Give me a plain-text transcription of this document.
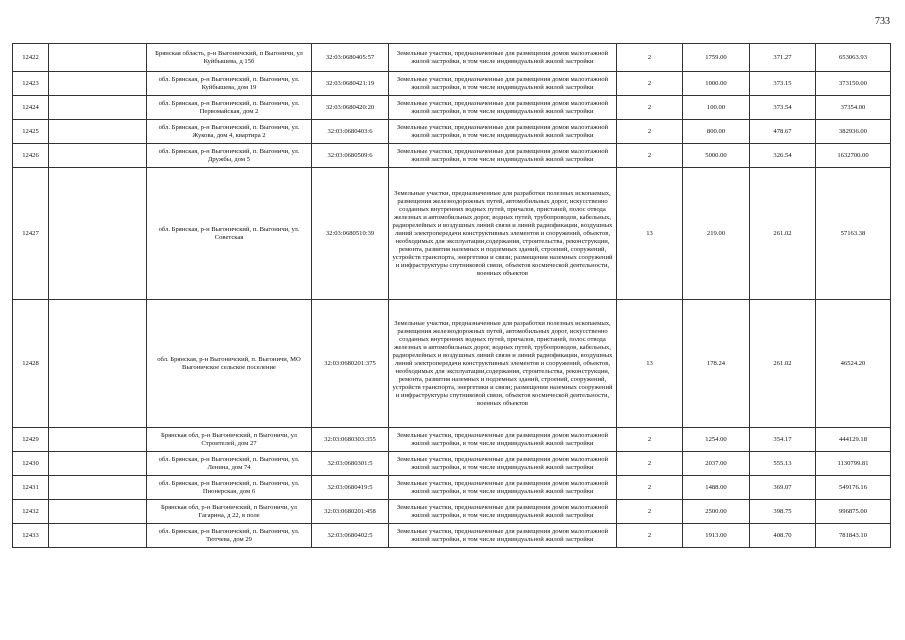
733
12422		Брянская область, р-н Выгоничский, п Выгоничи, ул Куйбышева, д 15б	32:03:0680405:57	Земельные участки, предназначенные для размещения домов малоэтажной жилой застройки, в том числе индивидуальной жилой застройки	2	1759.00	371.27	653063.93
12423		обл. Брянская, р-н Выгоничский, п. Выгоничи, ул. Куйбышева, дом 19	32:03:0680421:19	Земельные участки, предназначенные для размещения домов малоэтажной жилой застройки, в том числе индивидуальной жилой застройки	2	1000.00	373.15	373150.00
12424		обл. Брянская, р-н Выгоничский, п. Выгоничи, ул. Первомайская, дом 2	32:03:0680420:20	Земельные участки, предназначенные для размещения домов малоэтажной жилой застройки, в том числе индивидуальной жилой застройки	2	100.00	373.54	37354.00
12425		обл. Брянская, р-н Выгоничский, п. Выгоничи, ул. Жукова, дом 4, квартира 2	32:03:0680403:6	Земельные участки, предназначенные для размещения домов малоэтажной жилой застройки, в том числе индивидуальной жилой застройки	2	800.00	478.67	382936.00
12426		обл. Брянская, р-н Выгоничский, п. Выгоничи, ул. Дружбы, дом 5	32:03:0680509:6	Земельные участки, предназначенные для размещения домов малоэтажной жилой застройки, в том числе индивидуальной жилой застройки	2	5000.00	326.54	1632700.00
12427		обл. Брянская, р-н Выгоничский, п. Выгоничи, ул. Советская	32:03:0680510:39	Земельные участки, предназначенные для разработки полезных ископаемых, размещения железнодорожных путей, автомобильных дорог, искусственно созданных внутренних водных путей, причалов, пристаней, полос отвода железных и автомобильных дорог, водных путей, трубопроводов, кабельных, радиорелейных и воздушных линий связи и линий радиофикации, воздушных линий электропередачи конструктивных элементов и сооружений, объектов, необходимых для эксплуатации,содержания, строительства, реконструкции, ремонта, развития наземных и подземных зданий, строений, сооружений, устройств транспорта, энергетики и связи; размещения наземных сооружений и инфраструктуры спутниковой связи, объектов космической деятельности, военных объектов	13	219.00	261.02	57163.38
12428		обл. Брянская, р-н Выгоничский, п. Выгоничи, МО Выгоничское сельское поселение	32:03:0680201:375	Земельные участки, предназначенные для разработки полезных ископаемых, размещения железнодорожных путей, автомобильных дорог, искусственно созданных внутренних водных путей, причалов, пристаней, полос отвода железных и автомобильных дорог, водных путей, трубопроводов, кабельных, радиорелейных и воздушных линий связи и линий радиофикации, воздушных линий электропередачи конструктивных элементов и сооружений, объектов, необходимых для эксплуатации,содержания, строительства, реконструкции, ремонта, развития наземных и подземных зданий, строений, сооружений, устройств транспорта, энергетики и связи; размещения наземных сооружений и инфраструктуры спутниковой связи, объектов космической деятельности, военных объектов	13	178.24	261.02	46524.20
12429		Брянская обл, р-н Выгоничский, п Выгоничи, ул Строителей, дом 27	32:03:0680303:355	Земельные участки, предназначенные для размещения домов малоэтажной жилой застройки, в том числе индивидуальной жилой застройки	2	1254.00	354.17	444129.18
12430		обл. Брянская, р-н Выгоничский, п. Выгоничи, ул. Ленина, дом 74	32:03:0680301:5	Земельные участки, предназначенные для размещения домов малоэтажной жилой застройки, в том числе индивидуальной жилой застройки	2	2037.00	555.13	1130799.81
12431		обл. Брянская, р-н Выгоничский, п. Выгоничи, ул. Пионерская, дом 6	32:03:0680419:5	Земельные участки, предназначенные для размещения домов малоэтажной жилой застройки, в том числе индивидуальной жилой застройки	2	1488.00	369.07	549176.16
12432		Брянская обл, р-н Выгоничский, п Выгоничи, ул Гагарина, д 22, в поле	32:03:0680201:458	Земельные участки, предназначенные для размещения домов малоэтажной жилой застройки, в том числе индивидуальной жилой застройки	2	2500.00	398.75	996875.00
12433		обл. Брянская, р-н Выгоничский, п. Выгоничи, ул. Тютчева, дом 29	32:03:0680402:5	Земельные участки, предназначенные для размещения домов малоэтажной жилой застройки, в том числе индивидуальной жилой застройки	2	1913.00	408.70	781843.10
